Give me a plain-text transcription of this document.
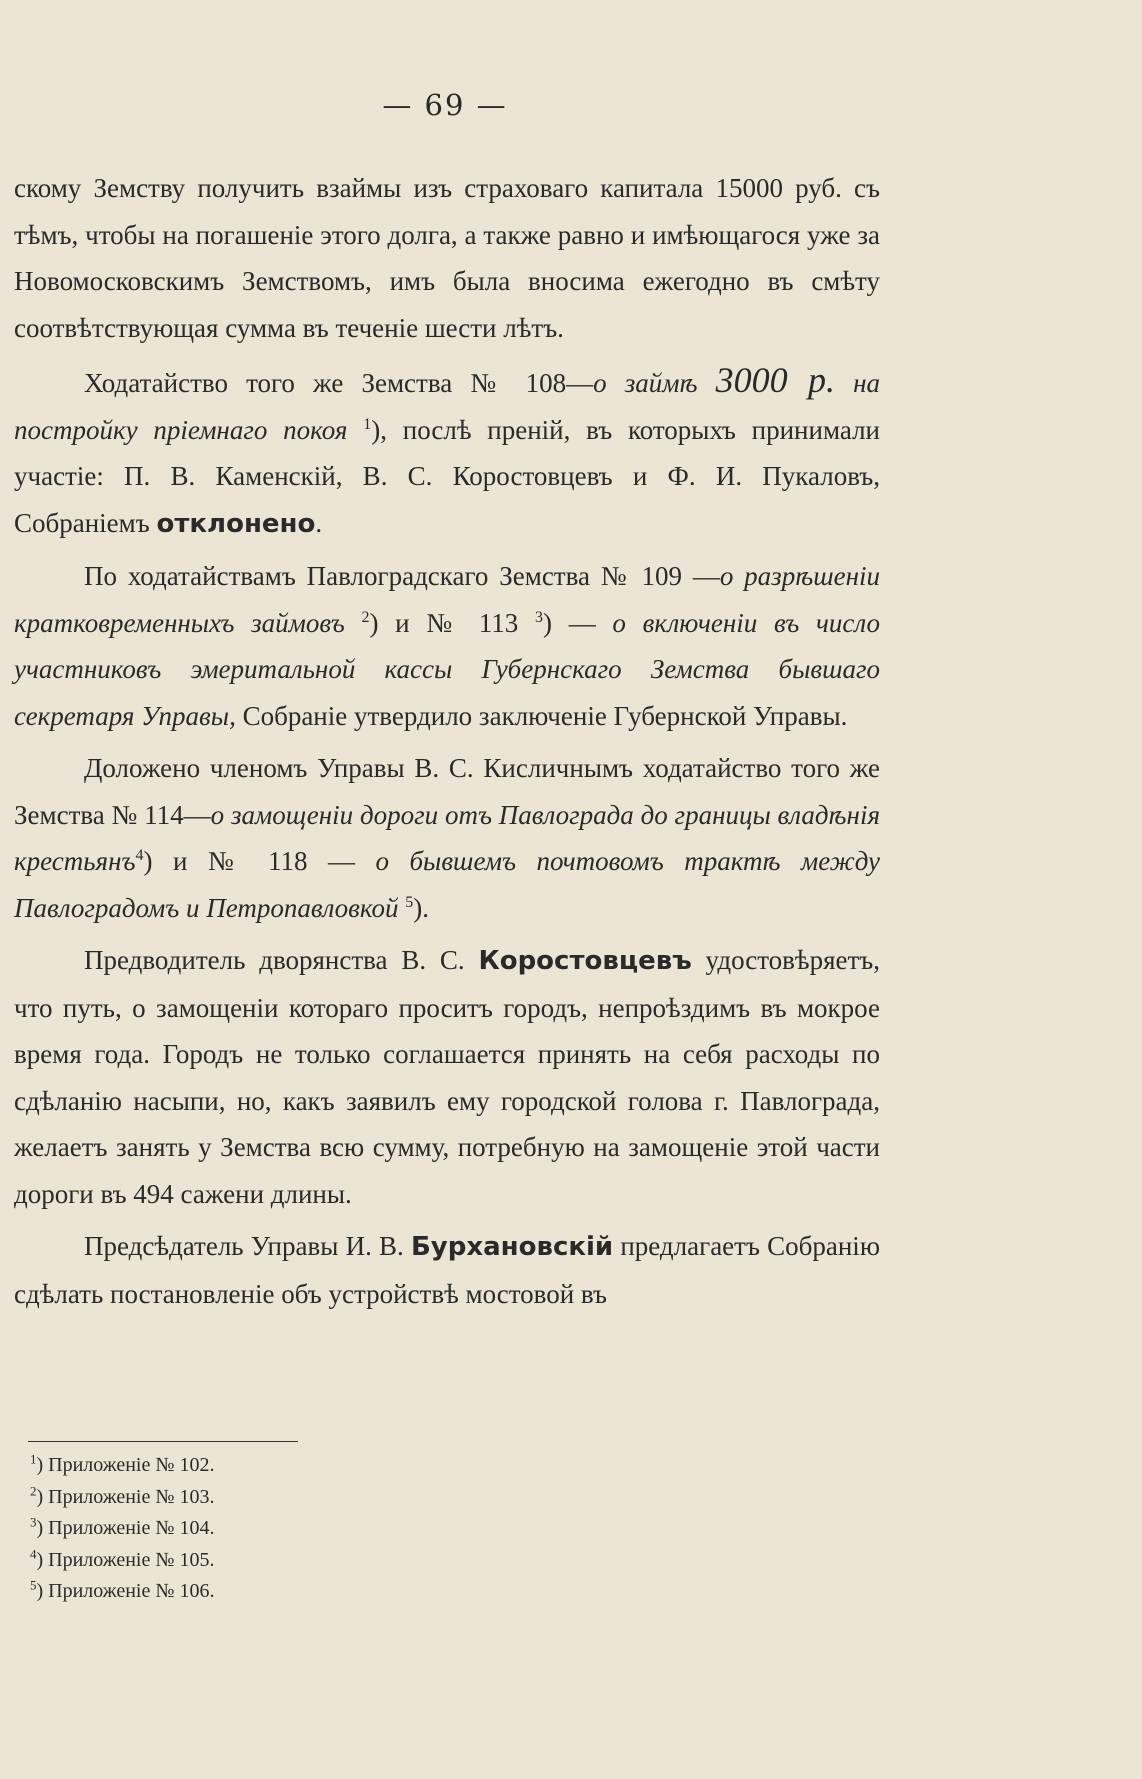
— 69 —

скому Земству получить взаймы изъ страховаго капитала 15000 руб. съ тѣмъ, чтобы на погашеніе этого долга, а также равно и имѣющагося уже за Новомосковскимъ Земствомъ, имъ была вносима ежегодно въ смѣту соотвѣтствующая сумма въ теченіе шести лѣтъ.

Ходатайство того же Земства № 108—о займѣ 3000 р. на постройку пріемнаго покоя $^1$), послѣ преній, въ которыхъ принимали участіе: П. В. Каменскій, В. С. Коростовцевъ и Ф. И. Пукаловъ, Собраніемъ отклонено.

По ходатайствамъ Павлоградскаго Земства № 109 —о разрѣшеніи кратковременныхъ займовъ $^2$) и № 113 $^3$) — о включеніи въ число участниковъ эмеритальной кассы Губернскаго Земства бывшаго секретаря Управы, Собраніе утвердило заключеніе Губернской Управы.

Доложено членомъ Управы В. С. Кисличнымъ ходатайство того же Земства № 114—о замощеніи дороги отъ Павлограда до границы владѣнія крестьянъ$^4$) и № 118 — о бывшемъ почтовомъ трактѣ между Павлоградомъ и Петропавловкой $^5$).

Предводитель дворянства В. С. Коростовцевъ удостовѣряетъ, что путь, о замощеніи котораго проситъ городъ, непроѣздимъ въ мокрое время года. Городъ не только соглашается принять на себя расходы по сдѣланію насыпи, но, какъ заявилъ ему городской голова г. Павлограда, желаетъ занять у Земства всю сумму, потребную на замощеніе этой части дороги въ 494 сажени длины.

Предсѣдатель Управы И. В. Бурхановскій предлагаетъ Собранію сдѣлать постановленіе объ устройствѣ мостовой въ

$^1$) Приложеніе № 102.
$^2$) Приложеніе № 103.
$^3$) Приложеніе № 104.
$^4$) Приложеніе № 105.
$^5$) Приложеніе № 106.
